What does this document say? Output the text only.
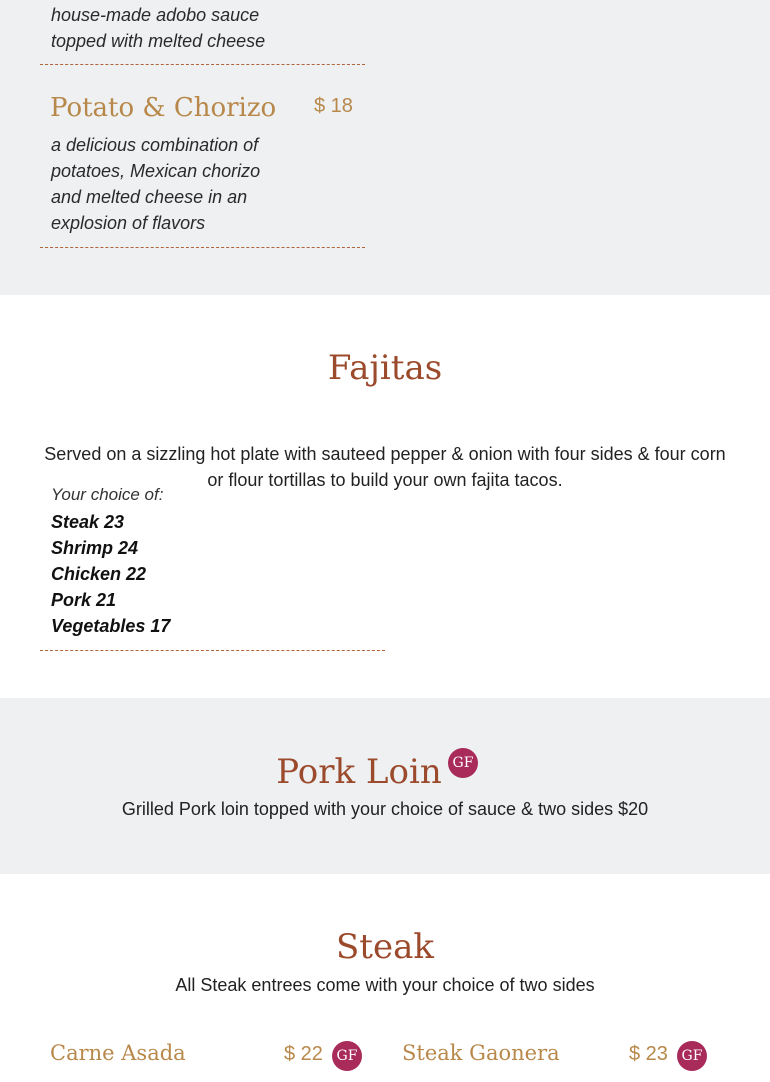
house-made adobo sauce
topped with melted cheese
Potato & Chorizo $ 18
a delicious combination of
potatoes, Mexican chorizo
and melted cheese in an
explosion of flavors
Fajitas
Served on a sizzling hot plate with sauteed pepper & onion with four sides & four corn
or flour tortillas to build your own fajita tacos.
Your choice of:
Steak 23
Shrimp 24
Chicken 22
Pork 21
Vegetables 17
Pork Loin GF
Grilled Pork loin topped with your choice of sauce & two sides $20
Steak
All Steak entrees come with your choice of two sides
Carne Asada	$ 22 GF Steak Gaonera	$ 23 GF
